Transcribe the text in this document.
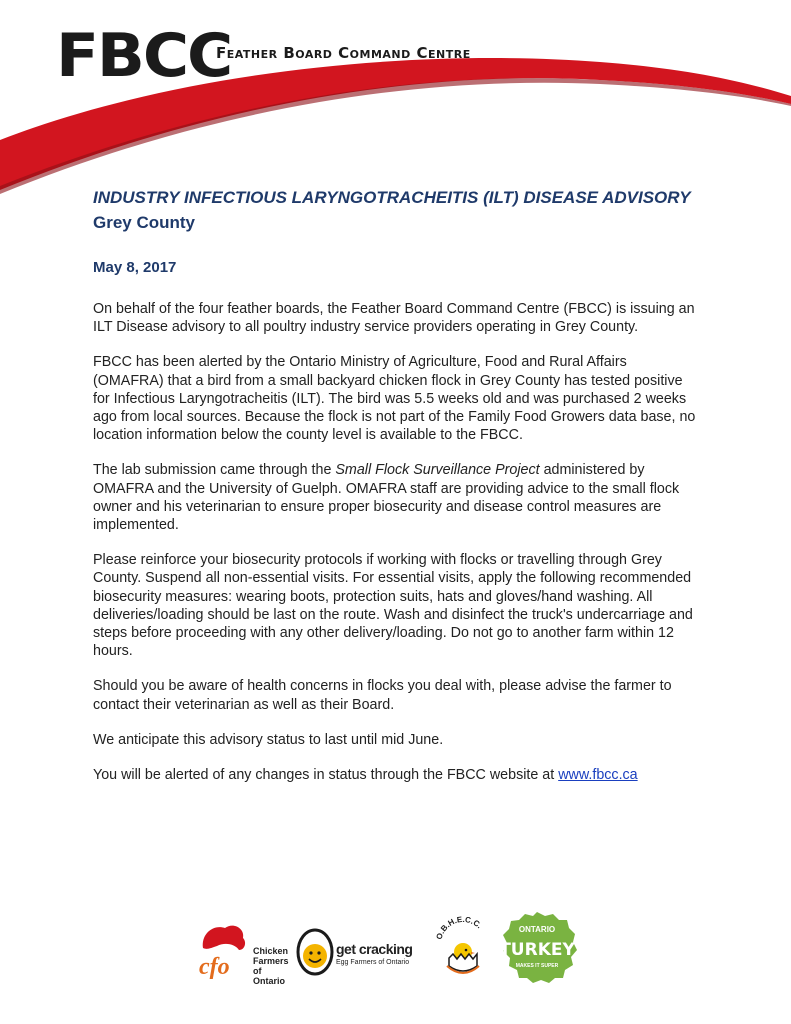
FBCC
Feather Board Command Centre
INDUSTRY INFECTIOUS LARYNGOTRACHEITIS (ILT) DISEASE ADVISORY
Grey County
May 8, 2017

On behalf of the four feather boards, the Feather Board Command Centre (FBCC) is issuing an ILT Disease advisory to all poultry industry service providers operating in Grey County.

FBCC has been alerted by the Ontario Ministry of Agriculture, Food and Rural Affairs (OMAFRA) that a bird from a small backyard chicken flock in Grey County has tested positive for Infectious Laryngotracheitis (ILT). The bird was 5.5 weeks old and was purchased 2 weeks ago from local sources. Because the flock is not part of the Family Food Growers data base, no location information below the county level is available to the FBCC.

The lab submission came through the Small Flock Surveillance Project administered by OMAFRA and the University of Guelph. OMAFRA staff are providing advice to the small flock owner and his veterinarian to ensure proper biosecurity and disease control measures are implemented.

Please reinforce your biosecurity protocols if working with flocks or travelling through Grey County. Suspend all non-essential visits. For essential visits, apply the following recommended biosecurity measures: wearing boots, protection suits, hats and gloves/hand washing. All deliveries/loading should be last on the route. Wash and disinfect the truck's undercarriage and steps before proceeding with any other delivery/loading. Do not go to another farm within 12 hours.

Should you be aware of health concerns in flocks you deal with, please advise the farmer to contact their veterinarian as well as their Board.

We anticipate this advisory status to last until mid June.

You will be alerted of any changes in status through the FBCC website at www.fbcc.ca

cfo
Chicken
Farmers
of Ontario
get cracking
Egg Farmers of Ontario
O.B.H.E.C.C.	ONTARIO
TURKEY
MAKES IT SUPER
